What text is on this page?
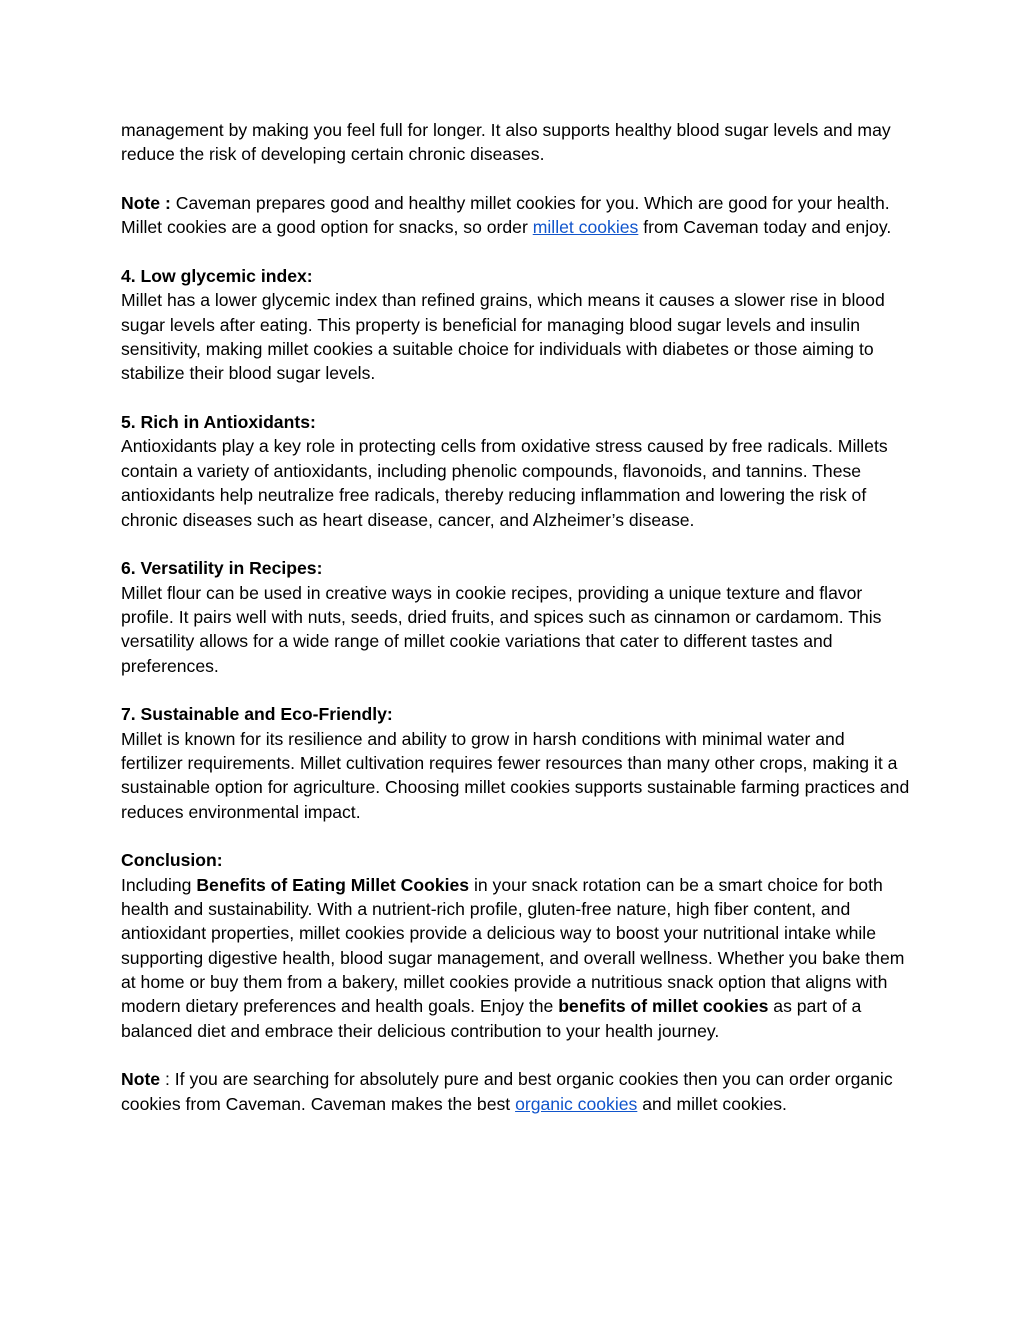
management by making you feel full for longer. It also supports healthy blood sugar levels and may reduce the risk of developing certain chronic diseases.

Note : Caveman prepares good and healthy millet cookies for you. Which are good for your health. Millet cookies are a good option for snacks, so order millet cookies from Caveman today and enjoy.

4. Low glycemic index:
Millet has a lower glycemic index than refined grains, which means it causes a slower rise in blood sugar levels after eating. This property is beneficial for managing blood sugar levels and insulin sensitivity, making millet cookies a suitable choice for individuals with diabetes or those aiming to stabilize their blood sugar levels.

5. Rich in Antioxidants:
Antioxidants play a key role in protecting cells from oxidative stress caused by free radicals. Millets contain a variety of antioxidants, including phenolic compounds, flavonoids, and tannins. These antioxidants help neutralize free radicals, thereby reducing inflammation and lowering the risk of chronic diseases such as heart disease, cancer, and Alzheimer’s disease.

6. Versatility in Recipes:
Millet flour can be used in creative ways in cookie recipes, providing a unique texture and flavor profile. It pairs well with nuts, seeds, dried fruits, and spices such as cinnamon or cardamom. This versatility allows for a wide range of millet cookie variations that cater to different tastes and preferences.

7. Sustainable and Eco-Friendly:
Millet is known for its resilience and ability to grow in harsh conditions with minimal water and fertilizer requirements. Millet cultivation requires fewer resources than many other crops, making it a sustainable option for agriculture. Choosing millet cookies supports sustainable farming practices and reduces environmental impact.

Conclusion:
Including Benefits of Eating Millet Cookies in your snack rotation can be a smart choice for both health and sustainability. With a nutrient-rich profile, gluten-free nature, high fiber content, and antioxidant properties, millet cookies provide a delicious way to boost your nutritional intake while supporting digestive health, blood sugar management, and overall wellness. Whether you bake them at home or buy them from a bakery, millet cookies provide a nutritious snack option that aligns with modern dietary preferences and health goals. Enjoy the benefits of millet cookies as part of a balanced diet and embrace their delicious contribution to your health journey.

Note : If you are searching for absolutely pure and best organic cookies then you can order organic cookies from Caveman. Caveman makes the best organic cookies and millet cookies.
